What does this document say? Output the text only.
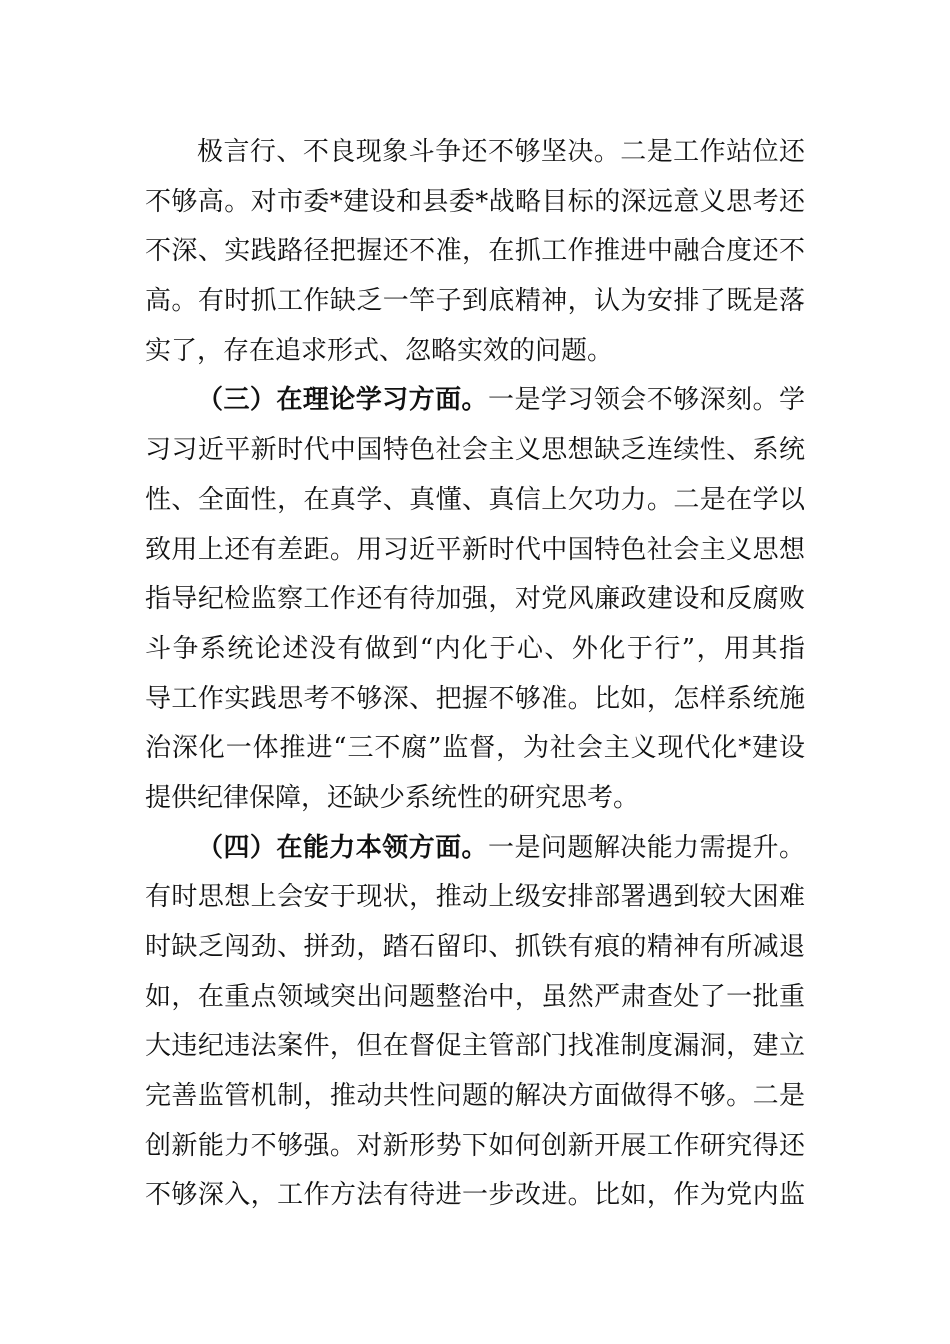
极言行、不良现象斗争还不够坚决。二是工作站位还
不够高。对市委*建设和县委*战略目标的深远意义思考还
不深、实践路径把握还不准，在抓工作推进中融合度还不
高。有时抓工作缺乏一竿子到底精神，认为安排了既是落
实了，存在追求形式、忽略实效的问题。
（三）在理论学习方面。一是学习领会不够深刻。学
习习近平新时代中国特色社会主义思想缺乏连续性、系统
性、全面性，在真学、真懂、真信上欠功力。二是在学以
致用上还有差距。用习近平新时代中国特色社会主义思想
指导纪检监察工作还有待加强，对党风廉政建设和反腐败
斗争系统论述没有做到“内化于心、外化于行”，用其指
导工作实践思考不够深、把握不够准。比如，怎样系统施
治深化一体推进“三不腐”监督，为社会主义现代化*建设
提供纪律保障，还缺少系统性的研究思考。
（四）在能力本领方面。一是问题解决能力需提升。
有时思想上会安于现状，推动上级安排部署遇到较大困难
时缺乏闯劲、拼劲，踏石留印、抓铁有痕的精神有所减退
如，在重点领域突出问题整治中，虽然严肃查处了一批重
大违纪违法案件，但在督促主管部门找准制度漏洞，建立
完善监管机制，推动共性问题的解决方面做得不够。二是
创新能力不够强。对新形势下如何创新开展工作研究得还
不够深入，工作方法有待进一步改进。比如，作为党内监
